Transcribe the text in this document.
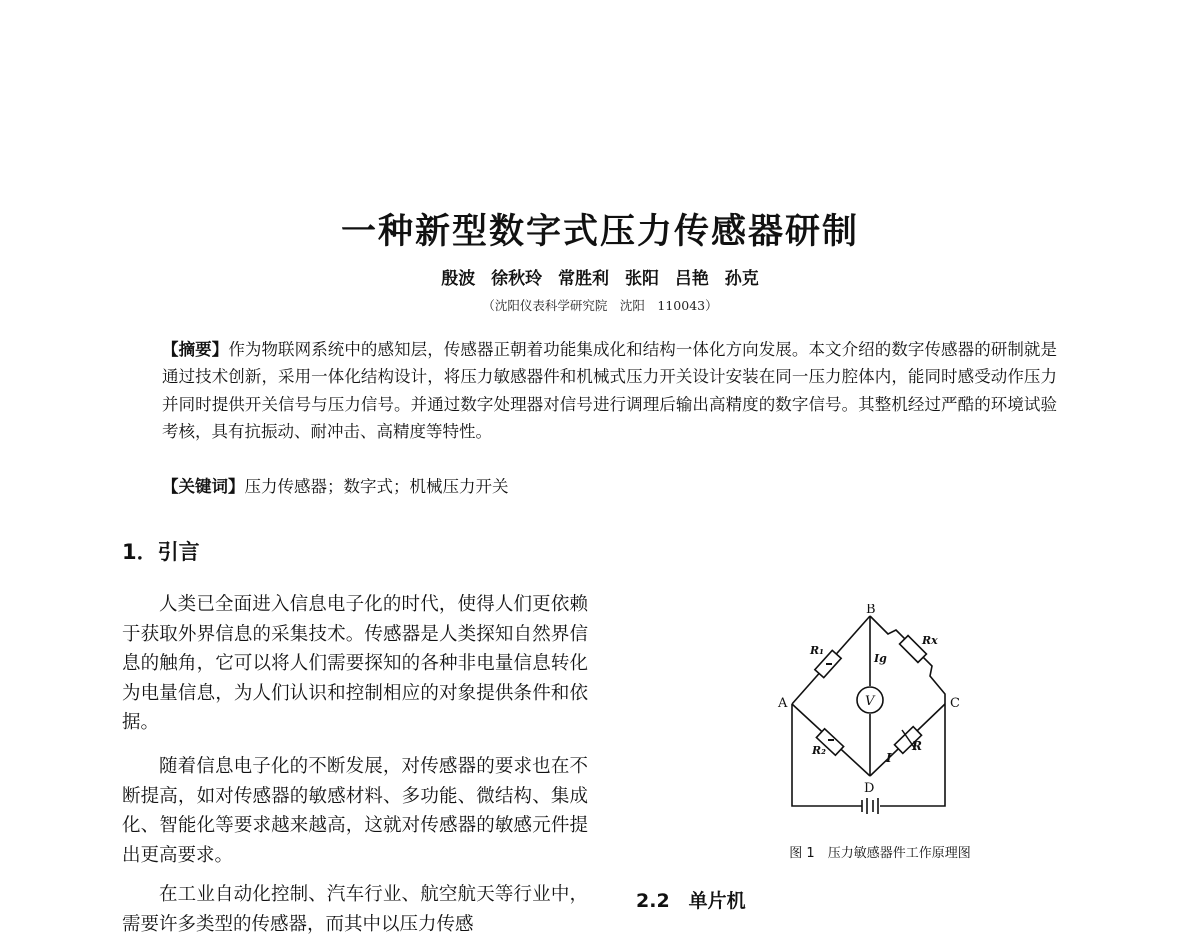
一种新型数字式压力传感器研制
殷波 徐秋玲 常胜利 张阳 吕艳 孙克
（沈阳仪表科学研究院　沈阳　110043）
【摘要】作为物联网系统中的感知层，传感器正朝着功能集成化和结构一体化方向发展。本文介绍的数字传感器的研制就是通过技术创新，采用一体化结构设计，将压力敏感器件和机械式压力开关设计安装在同一压力腔体内，能同时感受动作压力并同时提供开关信号与压力信号。并通过数字处理器对信号进行调理后输出高精度的数字信号。其整机经过严酷的环境试验考核，具有抗振动、耐冲击、高精度等特性。
【关键词】压力传感器；数字式；机械压力开关
1．引言

人类已全面进入信息电子化的时代，使得人们更依赖于获取外界信息的采集技术。传感器是人类探知自然界信息的触角，它可以将人们需要探知的各种非电量信息转化为电量信息，为人们认识和控制相应的对象提供条件和依据。

随着信息电子化的不断发展，对传感器的要求也在不断提高，如对传感器的敏感材料、多功能、微结构、集成化、智能化等要求越来越高，这就对传感器的敏感元件提出更高要求。

在工业自动化控制、汽车行业、航空航天等行业中，需要许多类型的传感器，而其中以压力传感

B
A	C
D
R₁
Rx
R₂	R
Ig
I
V
图 1　压力敏感器件工作原理图
2.2　单片机
